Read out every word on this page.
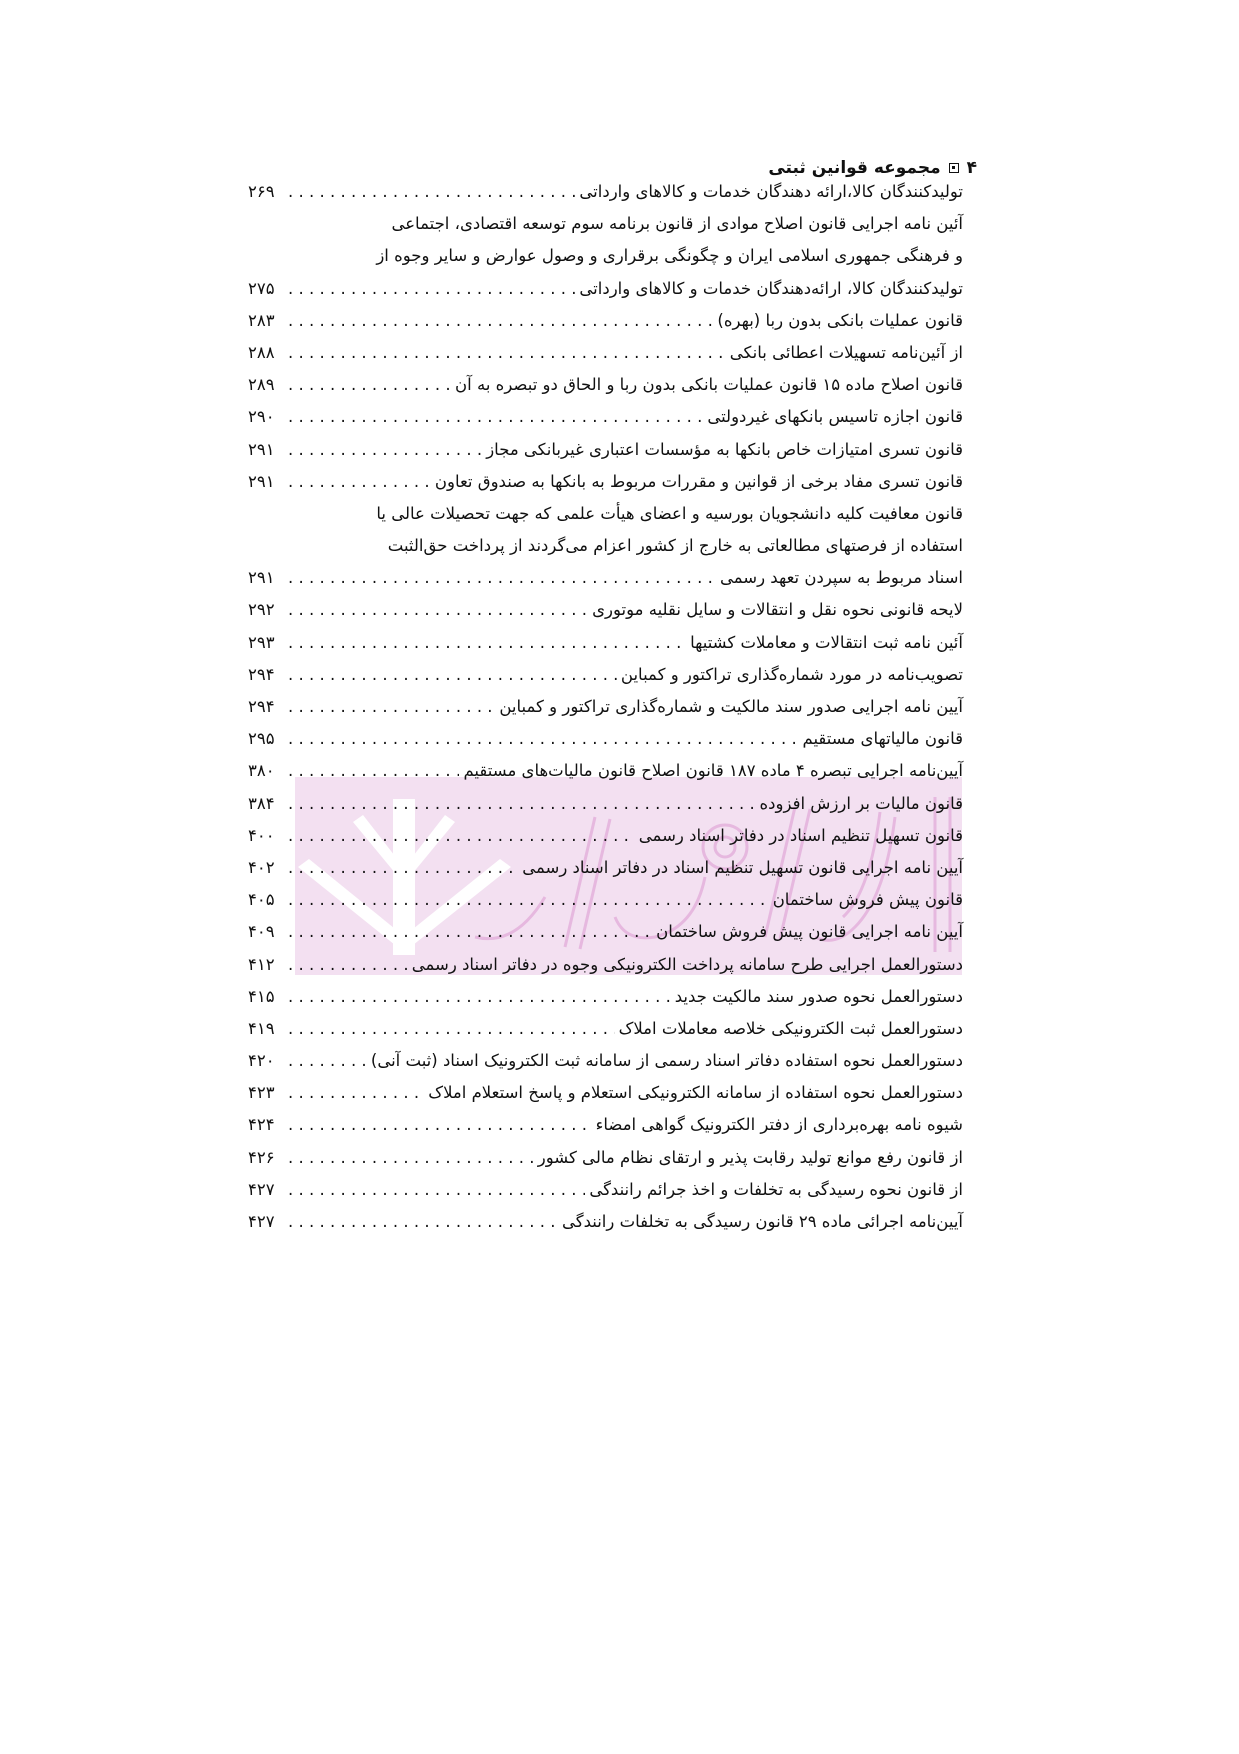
۴
مجموعه قوانین ثبتی
تولیدکنندگان کالا،ارائه دهندگان خدمات و کالاهای وارداتی
. . .
۲۶۹
آئین نامه اجرایی قانون اصلاح موادی از قانون برنامه سوم توسعه اقتصادی، اجتماعی
و فرهنگی جمهوری اسلامی ایران و چگونگی برقراری و وصول عوارض و سایر وجوه از
تولیدکنندگان کالا، ارائه‌دهندگان خدمات و کالاهای وارداتی
. . .
۲۷۵
قانون عملیات بانکی بدون ربا (بهره)
. . .
۲۸۳
از آئین‌نامه تسهیلات اعطائی بانکی
. . .
۲۸۸
قانون اصلاح ماده ۱۵ قانون عملیات بانکی بدون ربا و الحاق دو تبصره به آن
. . .
۲۸۹
قانون اجازه تاسیس بانکهای غیردولتی
. . .
۲۹۰
قانون تسری امتیازات خاص بانکها به مؤسسات اعتباری غیربانکی مجاز
. . .
۲۹۱
قانون تسری مفاد برخی از قوانین و مقررات مربوط به بانکها به صندوق تعاون
. . .
۲۹۱
قانون معافیت کلیه دانشجویان بورسیه و اعضای هیأت علمی که جهت تحصیلات عالی یا
استفاده از فرصتهای مطالعاتی به خارج از کشور اعزام می‌گردند از پرداخت حق‌الثبت
اسناد مربوط به سپردن تعهد رسمی
. . .
۲۹۱
لایحه قانونی نحوه نقل و انتقالات و سایل نقلیه موتوری
. . .
۲۹۲
آئین نامه ثبت انتقالات و معاملات کشتیها
. . .
۲۹۳
تصویب‌نامه در مورد شماره‌گذاری تراکتور و کمباین
. . .
۲۹۴
آیین نامه اجرایی صدور سند مالکیت و شماره‌گذاری تراکتور و کمباین
. . .
۲۹۴
قانون مالیاتهای مستقیم
. . .
۲۹۵
آیین‌نامه اجرایی تبصره ۴ ماده ۱۸۷ قانون اصلاح قانون مالیات‌های مستقیم
. . .
۳۸۰
قانون مالیات بر ارزش افزوده
. . .
۳۸۴
قانون تسهیل تنظیم اسناد در دفاتر اسناد رسمی
. . .
۴۰۰
آیین نامه اجرایی قانون تسهیل تنظیم اسناد در دفاتر اسناد رسمی
. . .
۴۰۲
قانون پیش فروش ساختمان
. . .
۴۰۵
آیین نامه اجرایی قانون پیش فروش ساختمان
. . .
۴۰۹
دستورالعمل اجرایی طرح سامانه پرداخت الکترونیکی وجوه در دفاتر اسناد رسمی
. . .
۴۱۲
دستورالعمل نحوه صدور سند مالکیت جدید
. . .
۴۱۵
دستورالعمل ثبت الکترونیکی خلاصه معاملات املاک
. . .
۴۱۹
دستورالعمل نحوه استفاده دفاتر اسناد رسمی از سامانه ثبت الکترونیک اسناد (ثبت آنی)
. . .
۴۲۰
دستورالعمل نحوه استفاده از سامانه الکترونیکی استعلام و پاسخ استعلام املاک
. . .
۴۲۳
شیوه نامه بهره‌برداری از دفتر الکترونیک گواهی امضاء
. . .
۴۲۴
از قانون رفع موانع تولید رقابت پذیر و ارتقای نظام مالی کشور
. . .
۴۲۶
از قانون نحوه رسیدگی به تخلفات و اخذ جرائم رانندگی
. . .
۴۲۷
آیین‌نامه اجرائی ماده ۲۹ قانون رسیدگی به تخلفات رانندگی
. . .
۴۲۷
